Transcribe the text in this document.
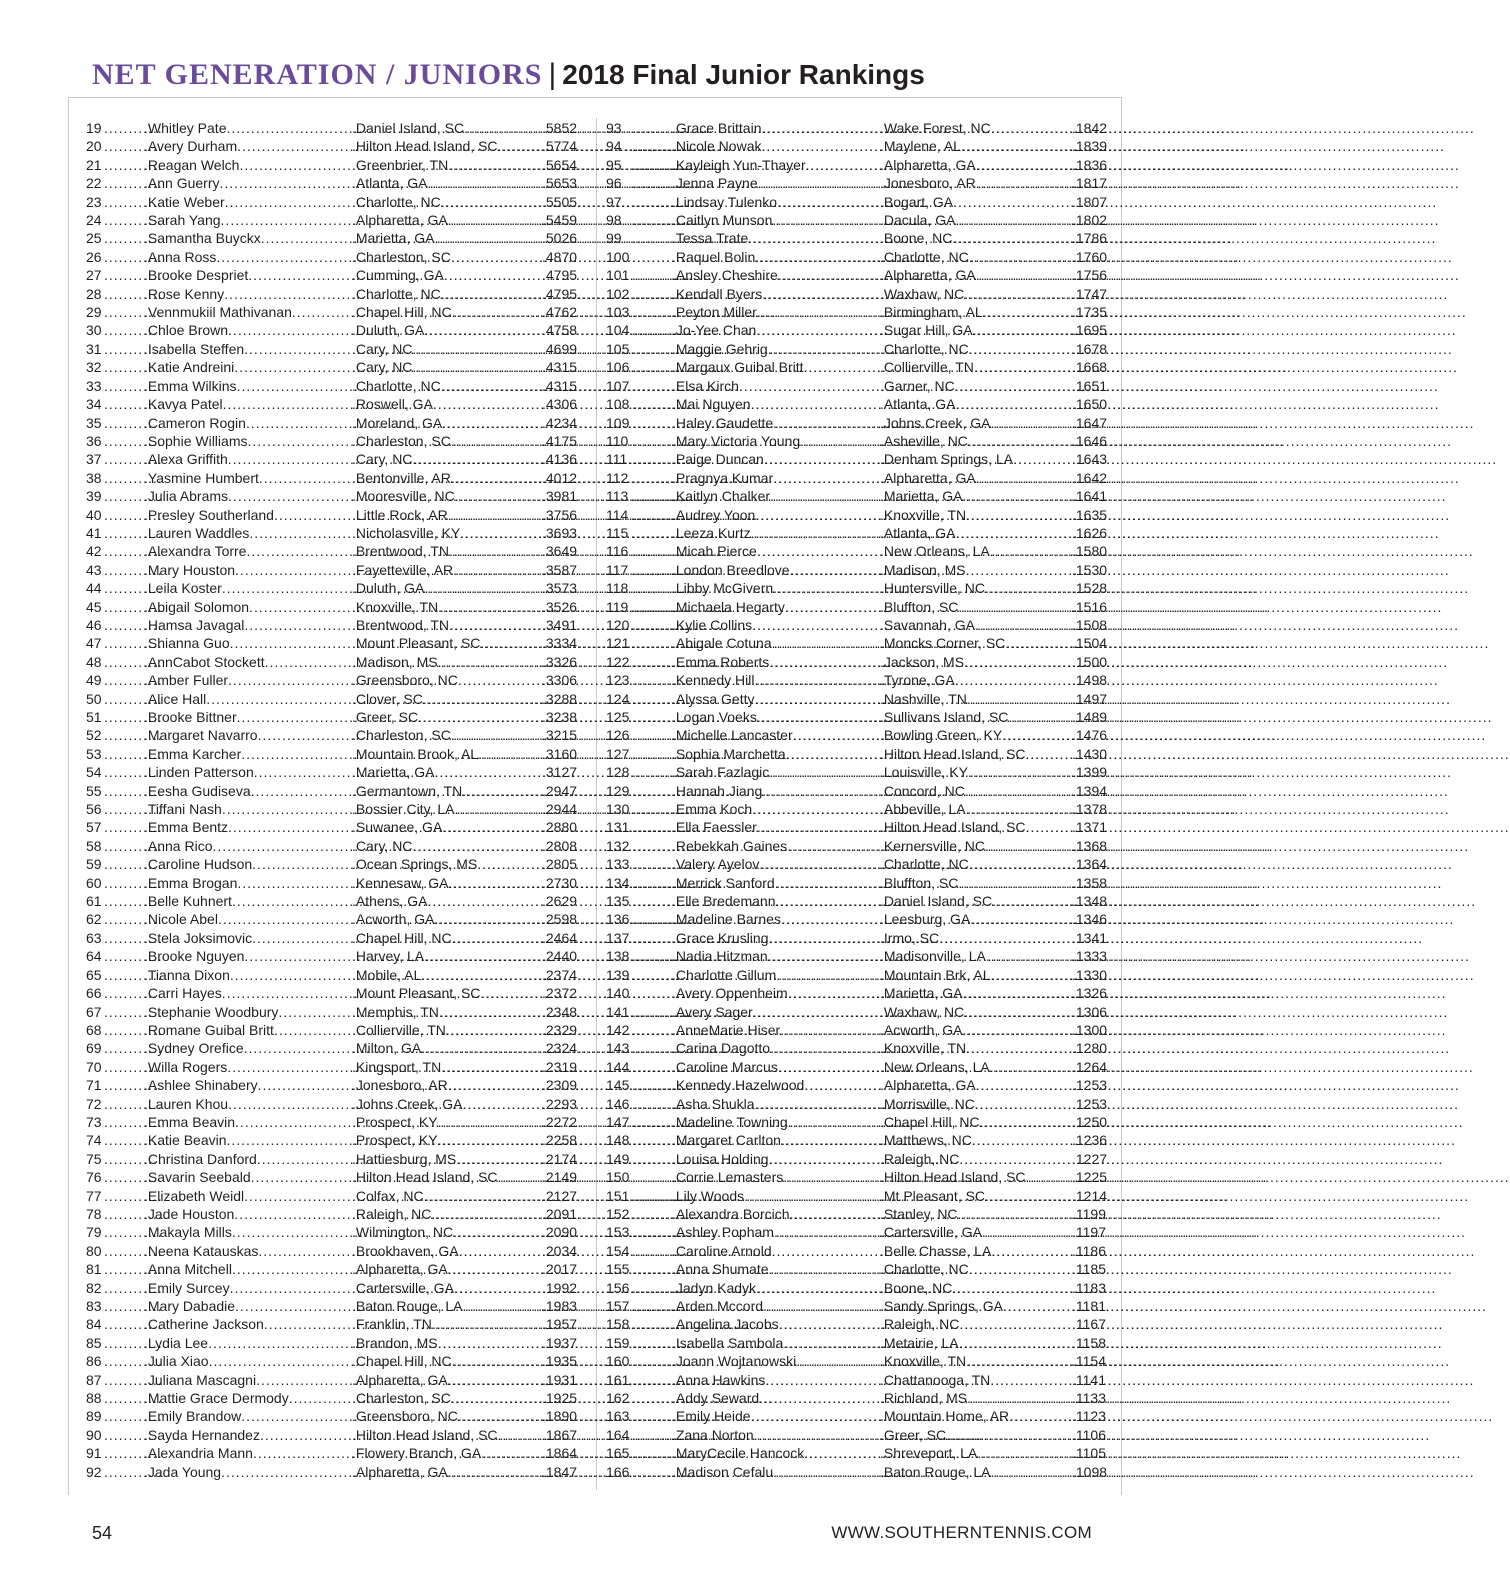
NET GENERATION / JUNIORS | 2018 Final Junior Rankings
19 .....	.Whitley Pate .....	.Daniel Island, SC .....	.5852
20 .....	.Avery Durham .....	.Hilton Head Island, SC .....	.5774
21 .....	.Reagan Welch .....	.Greenbrier, TN .....	.5654
22 .....	.Ann Guerry .....	.Atlanta, GA .....	.5653
23 .....	.Katie Weber .....	.Charlotte, NC .....	.5505
24 .....	.Sarah Yang .....	.Alpharetta, GA .....	.5459
25 .....	.Samantha Buyckx .....	.Marietta, GA .....	.5026
26 .....	.Anna Ross .....	.Charleston, SC .....	.4870
27 .....	.Brooke Despriet .....	.Cumming, GA .....	.4795
28 .....	.Rose Kenny .....	.Charlotte, NC .....	.4795
29 .....	.Vennmukiil Mathivanan .....	.Chapel Hill, NC .....	.4762
30 .....	.Chloe Brown .....	.Duluth, GA .....	.4758
31 .....	.Isabella Steffen .....	.Cary, NC .....	.4699
32 .....	.Katie Andreini .....	.Cary, NC .....	.4315
33 .....	.Emma Wilkins .....	.Charlotte, NC .....	.4315
34 .....	.Kavya Patel .....	.Roswell, GA .....	.4306
35 .....	.Cameron Rogin .....	.Moreland, GA .....	.4234
36 .....	.Sophie Williams .....	.Charleston, SC .....	.4175
37 .....	.Alexa Griffith .....	.Cary, NC .....	.4136
38 .....	.Yasmine Humbert .....	.Bentonville, AR .....	.4012
39 .....	.Julia Abrams .....	.Mooresville, NC .....	.3981
40 .....	.Presley Southerland .....	.Little Rock, AR .....	.3756
41 .....	.Lauren Waddles .....	.Nicholasville, KY .....	.3693
42 .....	.Alexandra Torre .....	.Brentwood, TN .....	.3649
43 .....	.Mary Houston .....	.Fayetteville, AR .....	.3587
44 .....	.Leila Koster .....	.Duluth, GA .....	.3573
45 .....	.Abigail Solomon .....	.Knoxville, TN .....	.3526
46 .....	.Hamsa Javagal .....	.Brentwood, TN .....	.3491
47 .....	.Shianna Guo .....	.Mount Pleasant, SC .....	.3334
48 .....	.AnnCabot Stockett .....	.Madison, MS .....	.3326
49 .....	.Amber Fuller .....	.Greensboro, NC .....	.3306
50 .....	.Alice Hall .....	.Clover, SC .....	.3288
51 .....	.Brooke Bittner .....	.Greer, SC .....	.3238
52 .....	.Margaret Navarro .....	.Charleston, SC .....	.3215
53 .....	.Emma Karcher .....	.Mountain Brook, AL .....	.3160
54 .....	.Linden Patterson .....	.Marietta, GA .....	.3127
55 .....	.Eesha Gudiseva .....	.Germantown, TN .....	.2947
56 .....	.Tiffani Nash .....	.Bossier City, LA .....	.2944
57 .....	.Emma Bentz .....	.Suwanee, GA .....	.2880
58 .....	.Anna Rico .....	.Cary, NC .....	.2808
59 .....	.Caroline Hudson .....	.Ocean Springs, MS .....	.2805
60 .....	.Emma Brogan .....	.Kennesaw, GA .....	.2730
61 .....	.Belle Kuhnert .....	.Athens, GA .....	.2629
62 .....	.Nicole Abel .....	.Acworth, GA .....	.2598
63 .....	.Stela Joksimovic .....	.Chapel Hill, NC .....	.2464
64 .....	.Brooke Nguyen .....	.Harvey, LA .....	.2440
65 .....	.Tianna Dixon .....	.Mobile, AL .....	.2374
66 .....	.Carri Hayes .....	.Mount Pleasant, SC .....	.2372
67 .....	.Stephanie Woodbury .....	.Memphis, TN .....	.2348
68 .....	.Romane Guibal Britt .....	.Collierville, TN .....	.2329
69 .....	.Sydney Orefice .....	.Milton, GA .....	.2324
70 .....	.Willa Rogers .....	.Kingsport, TN .....	.2319
71 .....	.Ashlee Shinabery .....	.Jonesboro, AR .....	.2309
72 .....	.Lauren Khou .....	.Johns Creek, GA .....	.2293
73 .....	.Emma Beavin .....	.Prospect, KY .....	.2272
74 .....	.Katie Beavin .....	.Prospect, KY .....	.2258
75 .....	.Christina Danford .....	.Hattiesburg, MS .....	.2174
76 .....	.Savarin Seebald .....	.Hilton Head Island, SC .....	.2149
77 .....	.Elizabeth Weidl .....	.Colfax, NC .....	.2127
78 .....	.Jade Houston .....	.Raleigh, NC .....	.2091
79 .....	.Makayla Mills .....	.Wilmington, NC .....	.2090
80 .....	.Neena Katauskas .....	.Brookhaven, GA .....	.2034
81 .....	.Anna Mitchell .....	.Alpharetta, GA .....	.2017
82 .....	.Emily Surcey .....	.Cartersville, GA .....	.1992
83 .....	.Mary Dabadie .....	.Baton Rouge, LA .....	.1983
84 .....	.Catherine Jackson .....	.Franklin, TN .....	.1957
85 .....	.Lydia Lee .....	.Brandon, MS .....	.1937
86 .....	.Julia Xiao .....	.Chapel Hill, NC .....	.1935
87 .....	.Juliana Mascagni .....	.Alpharetta, GA .....	.1931
88 .....	.Mattie Grace Dermody .....	.Charleston, SC .....	.1925
89 .....	.Emily Brandow .....	.Greensboro, NC .....	.1890
90 .....	.Sayda Hernandez .....	.Hilton Head Island, SC .....	.1867
91 .....	.Alexandria Mann .....	.Flowery Branch, GA .....	.1864
92 .....	.Jada Young .....	.Alpharetta, GA .....	.1847
93 .....	.Grace Brittain .....	.Wake Forest, NC .....	.1842
94 .....	.Nicole Nowak .....	.Maylene, AL .....	.1839
95 .....	.Kayleigh Yun-Thayer .....	.Alpharetta, GA .....	.1836
96 .....	.Jenna Payne .....	.Jonesboro, AR .....	.1817
97 .....	.Lindsay Tulenko .....	.Bogart, GA .....	.1807
98 .....	.Caitlyn Munson .....	.Dacula, GA .....	.1802
99 .....	.Tessa Trate .....	.Boone, NC .....	.1786
100 .....	.Raquel Bolin .....	.Charlotte, NC .....	.1760
101 .....	.Ansley Cheshire .....	.Alpharetta, GA .....	.1756
102 .....	.Kendall Byers .....	.Waxhaw, NC .....	.1747
103 .....	.Peyton Miller .....	.Birmingham, AL .....	.1735
104 .....	.Jo-Yee Chan .....	.Sugar Hill, GA .....	.1695
105 .....	.Maggie Gehrig .....	.Charlotte, NC .....	.1678
106 .....	.Margaux Guibal Britt .....	.Collierville, TN .....	.1668
107 .....	.Elsa Kirch .....	.Garner, NC .....	.1651
108 .....	.Mai Nguyen .....	.Atlanta, GA .....	.1650
109 .....	.Haley Gaudette .....	.Johns Creek, GA .....	.1647
110 .....	.Mary Victoria Young .....	.Asheville, NC .....	.1646
111 .....	.Paige Duncan .....	.Denham Springs, LA .....	.1643
112 .....	.Pragnya Kumar .....	.Alpharetta, GA .....	.1642
113 .....	.Kaitlyn Chalker .....	.Marietta, GA .....	.1641
114 .....	.Audrey Yoon .....	.Knoxville, TN .....	.1635
115 .....	.Leeza Kurtz .....	.Atlanta, GA .....	.1626
116 .....	.Micah Pierce .....	.New Orleans, LA .....	.1580
117 .....	.London Breedlove .....	.Madison, MS .....	.1530
118 .....	.Libby McGivern .....	.Huntersville, NC .....	.1528
119 .....	.Michaela Hegarty .....	.Bluffton, SC .....	.1516
120 .....	.Kylie Collins .....	.Savannah, GA .....	.1508
121 .....	.Abigale Cotuna .....	.Moncks Corner, SC .....	.1504
122 .....	.Emma Roberts .....	.Jackson, MS .....	.1500
123 .....	.Kennedy Hill .....	.Tyrone, GA .....	.1498
124 .....	.Alyssa Getty .....	.Nashville, TN .....	.1497
125 .....	.Logan Voeks .....	.Sullivans Island, SC .....	.1489
126 .....	.Michelle Lancaster .....	.Bowling Green, KY .....	.1476
127 .....	.Sophia Marchetta .....	.Hilton Head Island, SC .....	.1430
128 .....	.Sarah Fazlagic .....	.Louisville, KY .....	.1399
129 .....	.Hannah Jiang .....	.Concord, NC .....	.1394
130 .....	.Emma Koch .....	.Abbeville, LA .....	.1378
131 .....	.Ella Faessler .....	.Hilton Head Island, SC .....	.1371
132 .....	.Rebekkah Gaines .....	.Kernersville, NC .....	.1368
133 .....	.Valery Ayelov .....	.Charlotte, NC .....	.1364
134 .....	.Merrick Sanford .....	.Bluffton, SC .....	.1358
135 .....	.Elle Bredemann .....	.Daniel Island, SC .....	.1348
136 .....	.Madeline Barnes .....	.Leesburg, GA .....	.1346
137 .....	.Grace Krusling .....	.Irmo, SC .....	.1341
138 .....	.Nadia Hitzman .....	.Madisonville, LA .....	.1333
139 .....	.Charlotte Gillum .....	.Mountain Brk, AL .....	.1330
140 .....	.Avery Oppenheim .....	.Marietta, GA .....	.1326
141 .....	.Avery Sager .....	.Waxhaw, NC .....	.1306
142 .....	.AnneMarie Hiser .....	.Acworth, GA .....	.1300
143 .....	.Carina Dagotto .....	.Knoxville, TN .....	.1280
144 .....	.Caroline Marcus .....	.New Orleans, LA .....	.1264
145 .....	.Kennedy Hazelwood .....	.Alpharetta, GA .....	.1253
146 .....	.Asha Shukla .....	.Morrisville, NC .....	.1253
147 .....	.Madeline Towning .....	.Chapel Hill, NC .....	.1250
148 .....	.Margaret Carlton .....	.Matthews, NC .....	.1236
149 .....	.Louisa Holding .....	.Raleigh, NC .....	.1227
150 .....	.Corrie Lemasters .....	.Hilton Head Island, SC .....	.1225
151 .....	.Lily Woods .....	.Mt Pleasant, SC .....	.1214
152 .....	.Alexandra Borcich .....	.Stanley, NC .....	.1199
153 .....	.Ashley Popham .....	.Cartersville, GA .....	.1197
154 .....	.Caroline Arnold .....	.Belle Chasse, LA .....	.1186
155 .....	.Anna Shumate .....	.Charlotte, NC .....	.1185
156 .....	.Jadyn Kadyk .....	.Boone, NC .....	.1183
157 .....	.Arden Mccord .....	.Sandy Springs, GA .....	.1181
158 .....	.Angelina Jacobs .....	.Raleigh, NC .....	.1167
159 .....	.Isabella Sambola .....	.Metairie, LA .....	.1158
160 .....	.Joann Wojtanowski .....	.Knoxville, TN .....	.1154
161 .....	.Anna Hawkins .....	.Chattanooga, TN .....	.1141
162 .....	.Addy Seward .....	.Richland, MS .....	.1133
163 .....	.Emily Heide .....	.Mountain Home, AR .....	.1123
164 .....	.Zana Norton .....	.Greer, SC .....	.1106
165 .....	.MaryCecile Hancock .....	.Shreveport, LA .....	.1105
166 .....	.Madison Cefalu .....	.Baton Rouge, LA .....	.1098
54	WWW.SOUTHERNTENNIS.COM
